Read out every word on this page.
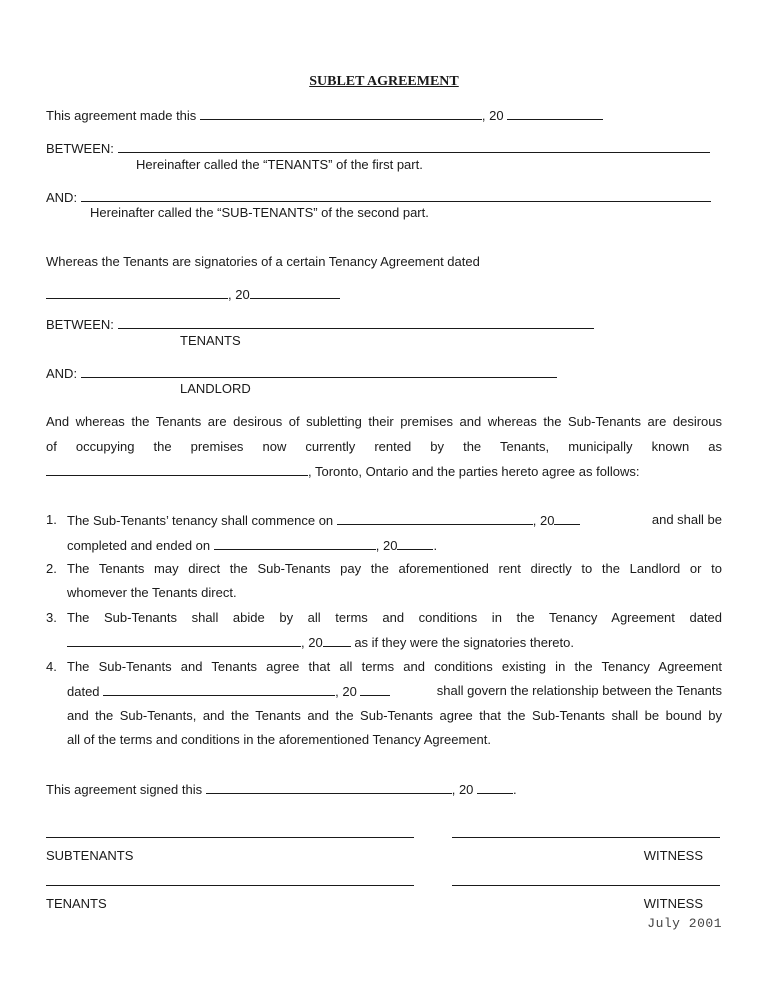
SUBLET AGREEMENT
This agreement made this	, 20
BETWEEN:
Hereinafter called the “TENANTS” of the first part.
AND:
Hereinafter called the “SUB-TENANTS” of the second part.
Whereas the Tenants are signatories of a certain Tenancy Agreement dated
, 20
BETWEEN:
TENANTS
AND:
LANDLORD
And whereas the Tenants are desirous of subletting their premises and whereas the Sub-Tenants are desirous
of occupying the premises now currently rented by the Tenants, municipally known as
, Toronto, Ontario and the parties hereto agree as follows:
1. The Sub-Tenants’ tenancy shall commence on	, 20	and shall be
completed and ended on	, 20	.
2. The Tenants may direct the Sub-Tenants pay the aforementioned rent directly to the Landlord or to
whomever the Tenants direct.
3. The Sub-Tenants shall abide by all terms and conditions in the Tenancy Agreement dated
, 20 as if they were the signatories thereto.
4. The Sub-Tenants and Tenants agree that all terms and conditions existing in the Tenancy Agreement
dated	, 20	shall govern the relationship between the Tenants
and the Sub-Tenants, and the Tenants and the Sub-Tenants agree that the Sub-Tenants shall be bound by
all of the terms and conditions in the aforementioned Tenancy Agreement.
This agreement signed this	, 20	.
SUBTENANTS	WITNESS
TENANTS	WITNESS
July 2001
